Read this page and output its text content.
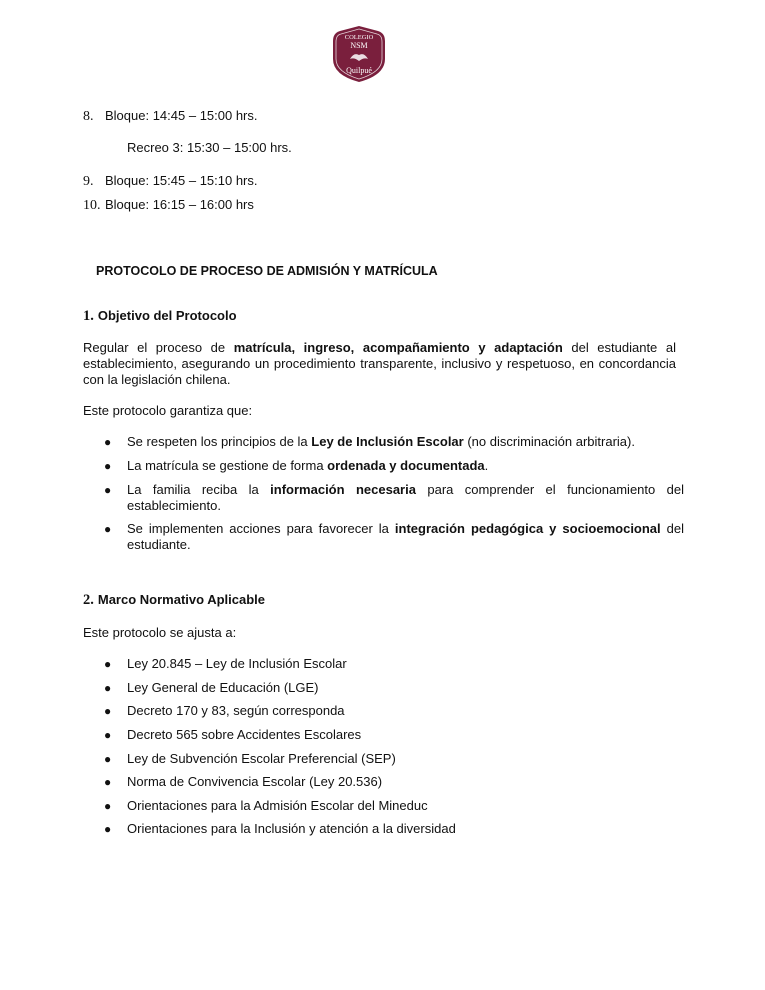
COLEGIO
NSM
Quilpué
8. Bloque: 14:45 – 15:00 hrs.
Recreo 3: 15:30 – 15:00 hrs.
9. Bloque: 15:45 – 15:10 hrs.
10. Bloque: 16:15 – 16:00 hrs
PROTOCOLO DE PROCESO DE ADMISIÓN Y MATRÍCULA
1. Objetivo del Protocolo
Regular el proceso de matrícula, ingreso, acompañamiento y adaptación del estudiante al establecimiento, asegurando un procedimiento transparente, inclusivo y respetuoso, en concordancia con la legislación chilena.
Este protocolo garantiza que:
● Se respeten los principios de la Ley de Inclusión Escolar (no discriminación arbitraria).
● La matrícula se gestione de forma ordenada y documentada.
● La familia reciba la información necesaria para comprender el funcionamiento del establecimiento.
● Se implementen acciones para favorecer la integración pedagógica y socioemocional del estudiante.
2. Marco Normativo Aplicable
Este protocolo se ajusta a:
● Ley 20.845 – Ley de Inclusión Escolar
● Ley General de Educación (LGE)
● Decreto 170 y 83, según corresponda
● Decreto 565 sobre Accidentes Escolares
● Ley de Subvención Escolar Preferencial (SEP)
● Norma de Convivencia Escolar (Ley 20.536)
● Orientaciones para la Admisión Escolar del Mineduc
● Orientaciones para la Inclusión y atención a la diversidad
